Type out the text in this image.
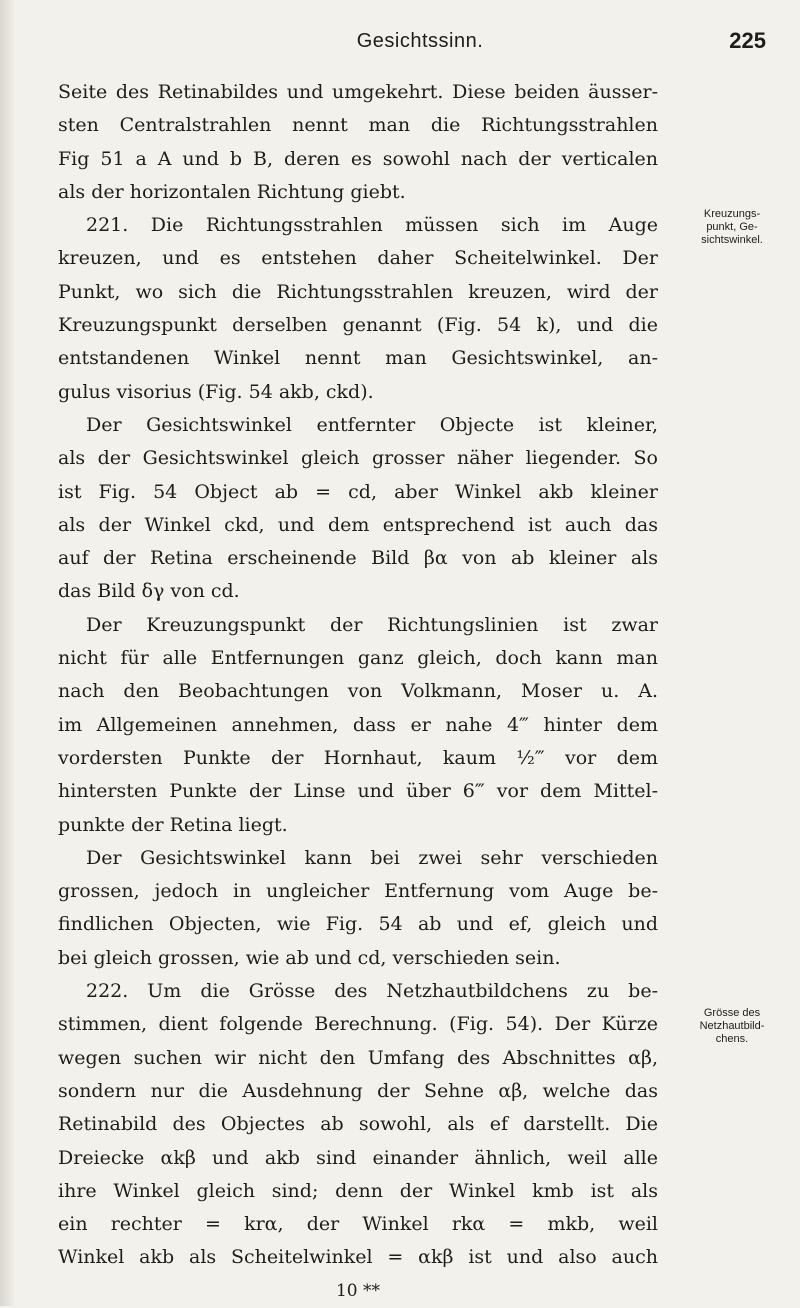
Gesichtssinn.	225
Seite des Retinabildes und umgekehrt. Diese beiden äusser-
sten Centralstrahlen nennt man die Richtungsstrahlen
Fig 51 a A und b B, deren es sowohl nach der verticalen
als der horizontalen Richtung giebt.
221. Die Richtungsstrahlen müssen sich im Auge
kreuzen, und es entstehen daher Scheitelwinkel. Der
Punkt, wo sich die Richtungsstrahlen kreuzen, wird der
Kreuzungspunkt derselben genannt (Fig. 54 k), und die
entstandenen Winkel nennt man Gesichtswinkel, an-
gulus visorius (Fig. 54 akb, ckd).
Der Gesichtswinkel entfernter Objecte ist kleiner,
als der Gesichtswinkel gleich grosser näher liegender. So
ist Fig. 54 Object ab = cd, aber Winkel akb kleiner
als der Winkel ckd, und dem entsprechend ist auch das
auf der Retina erscheinende Bild βα von ab kleiner als
das Bild δγ von cd.
Der Kreuzungspunkt der Richtungslinien ist zwar
nicht für alle Entfernungen ganz gleich, doch kann man
nach den Beobachtungen von Volkmann, Moser u. A.
im Allgemeinen annehmen, dass er nahe 4‴ hinter dem
vordersten Punkte der Hornhaut, kaum ½‴ vor dem
hintersten Punkte der Linse und über 6‴ vor dem Mittel-
punkte der Retina liegt.
Der Gesichtswinkel kann bei zwei sehr verschieden
grossen, jedoch in ungleicher Entfernung vom Auge be-
findlichen Objecten, wie Fig. 54 ab und ef, gleich und
bei gleich grossen, wie ab und cd, verschieden sein.
222. Um die Grösse des Netzhautbildchens zu be-
stimmen, dient folgende Berechnung. (Fig. 54). Der Kürze
wegen suchen wir nicht den Umfang des Abschnittes αβ,
sondern nur die Ausdehnung der Sehne αβ, welche das
Retinabild des Objectes ab sowohl, als ef darstellt. Die
Dreiecke αkβ und akb sind einander ähnlich, weil alle
ihre Winkel gleich sind; denn der Winkel kmb ist als
ein rechter = krα, der Winkel rkα = mkb, weil
Winkel akb als Scheitelwinkel = αkβ ist und also auch
10 **
Kreuzungs-
punkt, Ge-
sichtswinkel.
Grösse des
Netzhautbild-
chens.
